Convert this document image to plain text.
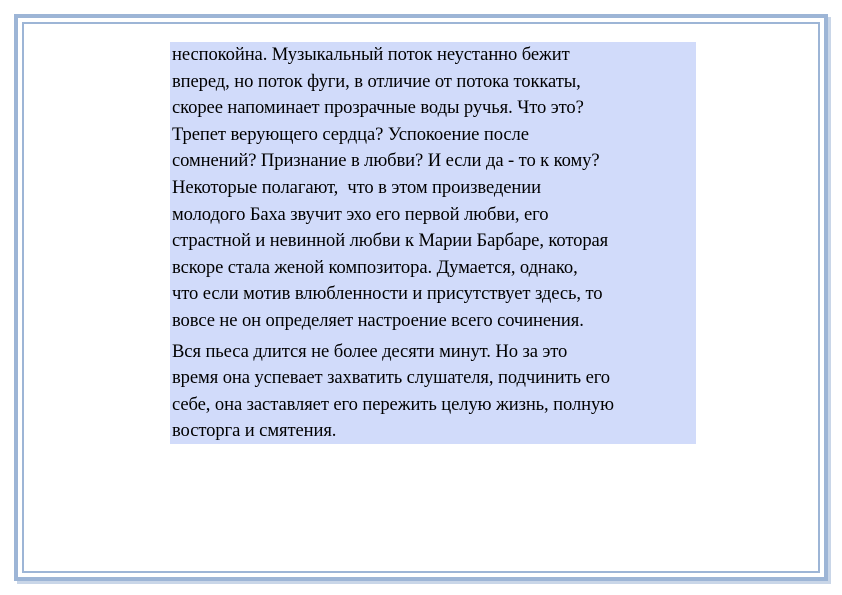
неспокойна. Музыкальный поток неустанно бежит
вперед, но поток фуги, в отличие от потока токкаты,
скорее напоминает прозрачные воды ручья. Что это?
Трепет верующего сердца? Успокоение после
сомнений? Признание в любви? И если да - то к кому?
Некоторые полагают,  что в этом произведении
молодого Баха звучит эхо его первой любви, его
страстной и невинной любви к Марии Барбаре, которая
вскоре стала женой композитора. Думается, однако,
что если мотив влюбленности и присутствует здесь, то
вовсе не он определяет настроение всего сочинения.

Вся пьеса длится не более десяти минут. Но за это
время она успевает захватить слушателя, подчинить его
себе, она заставляет его пережить целую жизнь, полную
восторга и смятения.
